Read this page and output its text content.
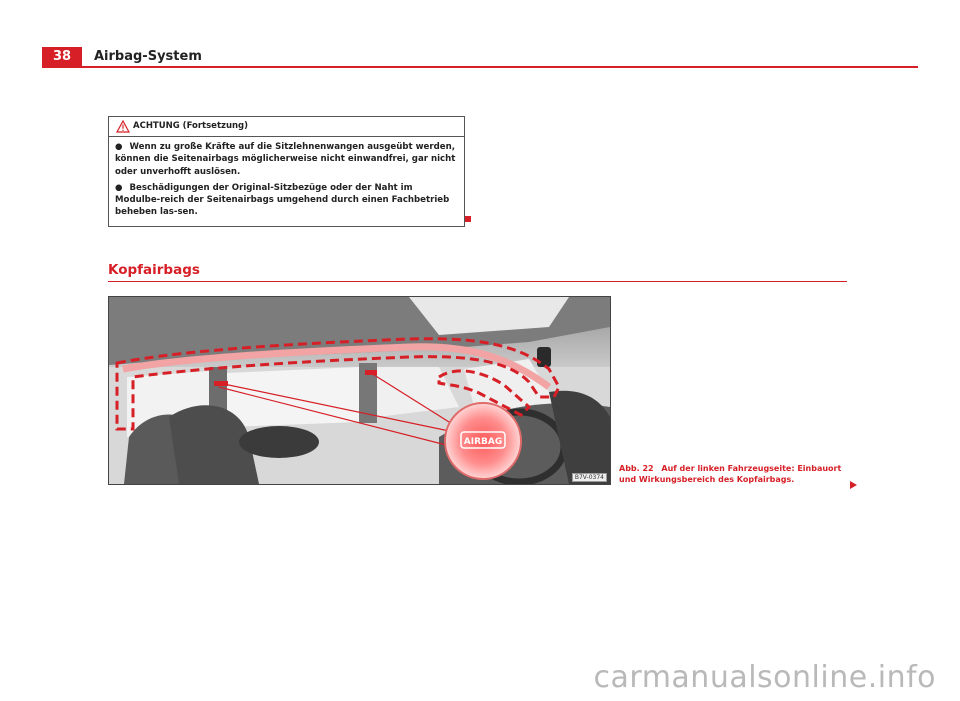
38	Airbag-System
ACHTUNG (Fortsetzung)
● Wenn zu große Kräfte auf die Sitzlehnenwangen ausgeübt werden, können die Seitenairbags möglicherweise nicht einwandfrei, gar nicht oder unverhofft auslösen.
● Beschädigungen der Original-Sitzbezüge oder der Naht im Modulbe-reich der Seitenairbags umgehend durch einen Fachbetrieb beheben las-sen.
Kopfairbags
AIRBAG
B7V-0374
Abb. 22 Auf der linken Fahrzeugseite: Einbauort und Wirkungsbereich des Kopfairbags.
carmanualsonline.info
